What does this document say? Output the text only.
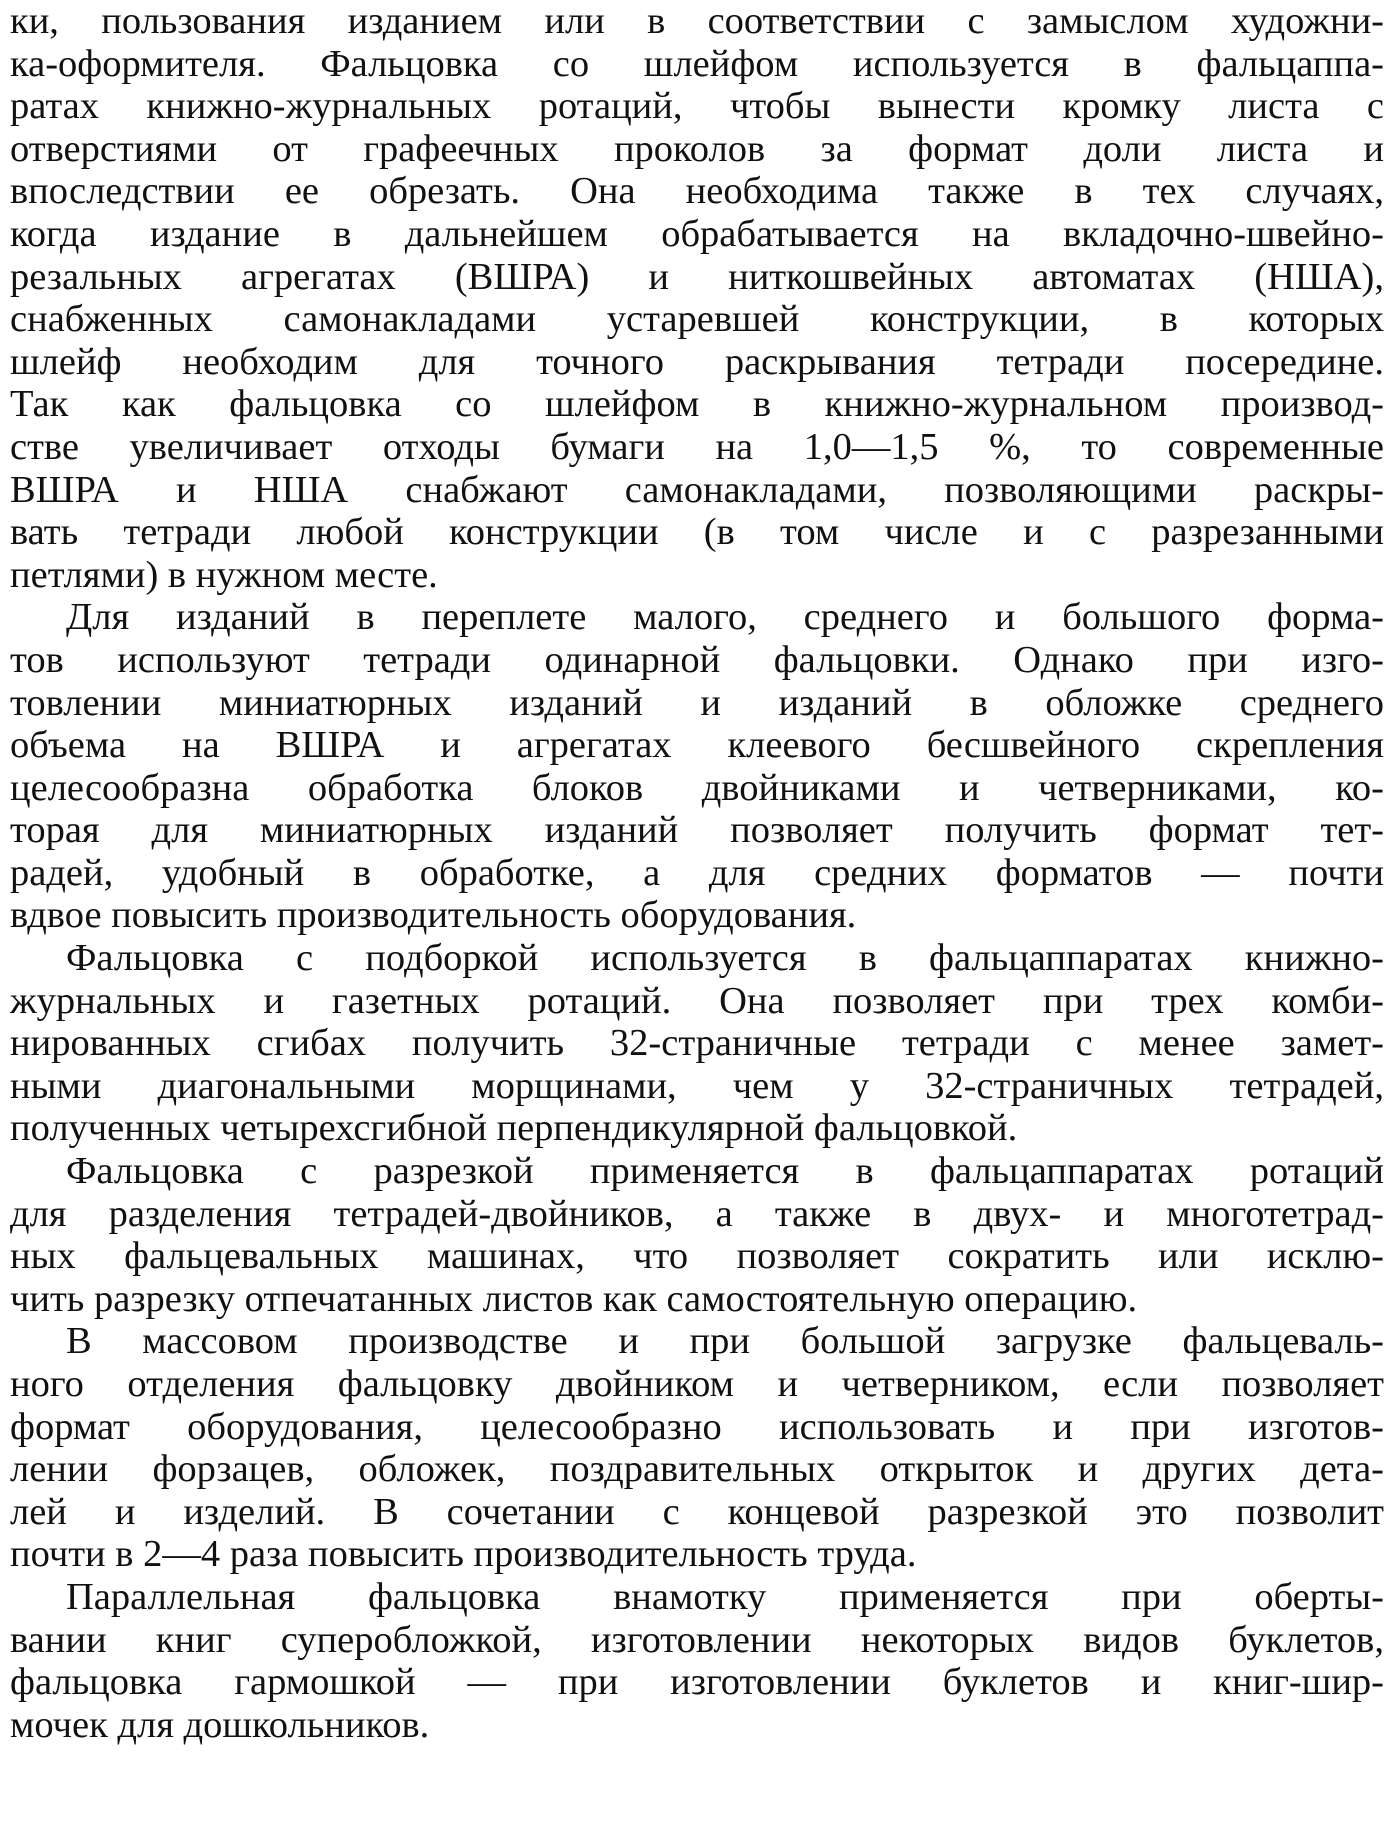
ки, пользования изданием или в соответствии с замыслом художни-
ка-оформителя. Фальцовка со шлейфом используется в фальцаппа-
ратах книжно-журнальных ротаций, чтобы вынести кромку листа с
отверстиями от графеечных проколов за формат доли листа и
впоследствии ее обрезать. Она необходима также в тех случаях,
когда издание в дальнейшем обрабатывается на вкладочно-швейно-
резальных агрегатах (ВШРА) и ниткошвейных автоматах (НША),
снабженных самонакладами устаревшей конструкции, в которых
шлейф необходим для точного раскрывания тетради посередине.
Так как фальцовка со шлейфом в книжно-журнальном производ-
стве увеличивает отходы бумаги на 1,0—1,5 %, то современные
ВШРА и НША снабжают самонакладами, позволяющими раскры-
вать тетради любой конструкции (в том числе и с разрезанными
петлями) в нужном месте.
Для изданий в переплете малого, среднего и большого форма-
тов используют тетради одинарной фальцовки. Однако при изго-
товлении миниатюрных изданий и изданий в обложке среднего
объема на ВШРА и агрегатах клеевого бесшвейного скрепления
целесообразна обработка блоков двойниками и четверниками, ко-
торая для миниатюрных изданий позволяет получить формат тет-
радей, удобный в обработке, а для средних форматов — почти
вдвое повысить производительность оборудования.
Фальцовка с подборкой используется в фальцаппаратах книжно-
журнальных и газетных ротаций. Она позволяет при трех комби-
нированных сгибах получить 32-страничные тетради с менее замет-
ными диагональными морщинами, чем у 32-страничных тетрадей,
полученных четырехсгибной перпендикулярной фальцовкой.
Фальцовка с разрезкой применяется в фальцаппаратах ротаций
для разделения тетрадей-двойников, а также в двух- и многотетрад-
ных фальцевальных машинах, что позволяет сократить или исклю-
чить разрезку отпечатанных листов как самостоятельную операцию.
В массовом производстве и при большой загрузке фальцеваль-
ного отделения фальцовку двойником и четверником, если позволяет
формат оборудования, целесообразно использовать и при изготов-
лении форзацев, обложек, поздравительных открыток и других дета-
лей и изделий. В сочетании с концевой разрезкой это позволит
почти в 2—4 раза повысить производительность труда.
Параллельная фальцовка внамотку применяется при оберты-
вании книг суперобложкой, изготовлении некоторых видов буклетов,
фальцовка гармошкой — при изготовлении буклетов и книг-шир-
мочек для дошкольников.
